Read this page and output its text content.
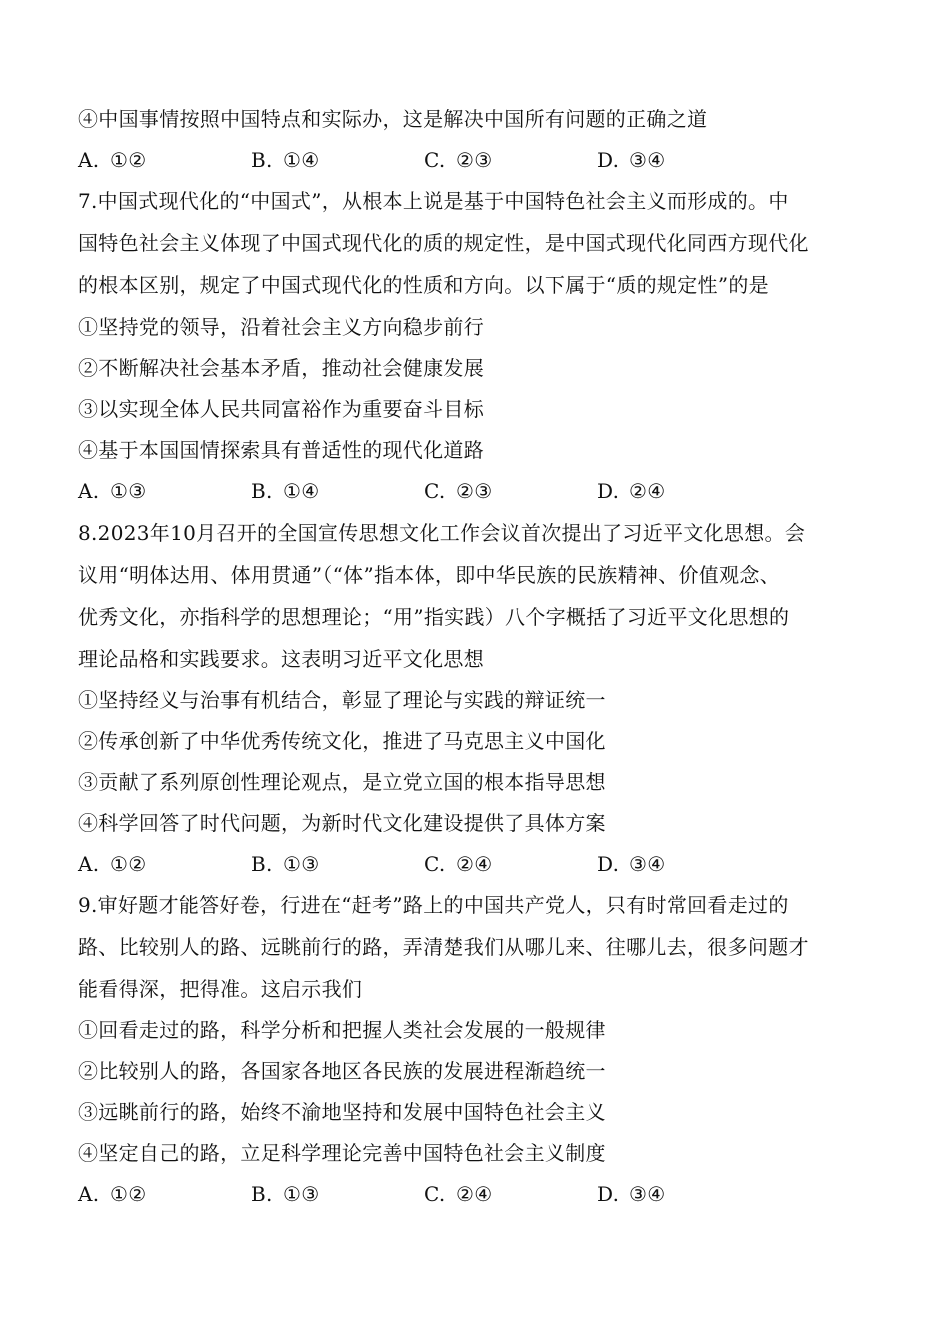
④中国事情按照中国特点和实际办，这是解决中国所有问题的正确之道
A. ①②	B. ①④	C. ②③	D. ③④
7.中国式现代化的“中国式”，从根本上说是基于中国特色社会主义而形成的。中
国特色社会主义体现了中国式现代化的质的规定性，是中国式现代化同西方现代化
的根本区别，规定了中国式现代化的性质和方向。以下属于“质的规定性”的是
①坚持党的领导，沿着社会主义方向稳步前行
②不断解决社会基本矛盾，推动社会健康发展
③以实现全体人民共同富裕作为重要奋斗目标
④基于本国国情探索具有普适性的现代化道路
A. ①③	B. ①④	C. ②③	D. ②④
8.2023年10月召开的全国宣传思想文化工作会议首次提出了习近平文化思想。会
议用“明体达用、体用贯通”（“体”指本体，即中华民族的民族精神、价值观念、
优秀文化，亦指科学的思想理论；“用”指实践）八个字概括了习近平文化思想的
理论品格和实践要求。这表明习近平文化思想
①坚持经义与治事有机结合，彰显了理论与实践的辩证统一
②传承创新了中华优秀传统文化，推进了马克思主义中国化
③贡献了系列原创性理论观点，是立党立国的根本指导思想
④科学回答了时代问题，为新时代文化建设提供了具体方案
A. ①②	B. ①③	C. ②④	D. ③④
9.审好题才能答好卷，行进在“赶考”路上的中国共产党人，只有时常回看走过的
路、比较别人的路、远眺前行的路，弄清楚我们从哪儿来、往哪儿去，很多问题才
能看得深，把得准。这启示我们
①回看走过的路，科学分析和把握人类社会发展的一般规律
②比较别人的路，各国家各地区各民族的发展进程渐趋统一
③远眺前行的路，始终不渝地坚持和发展中国特色社会主义
④坚定自己的路，立足科学理论完善中国特色社会主义制度
A. ①②	B. ①③	C. ②④	D. ③④
